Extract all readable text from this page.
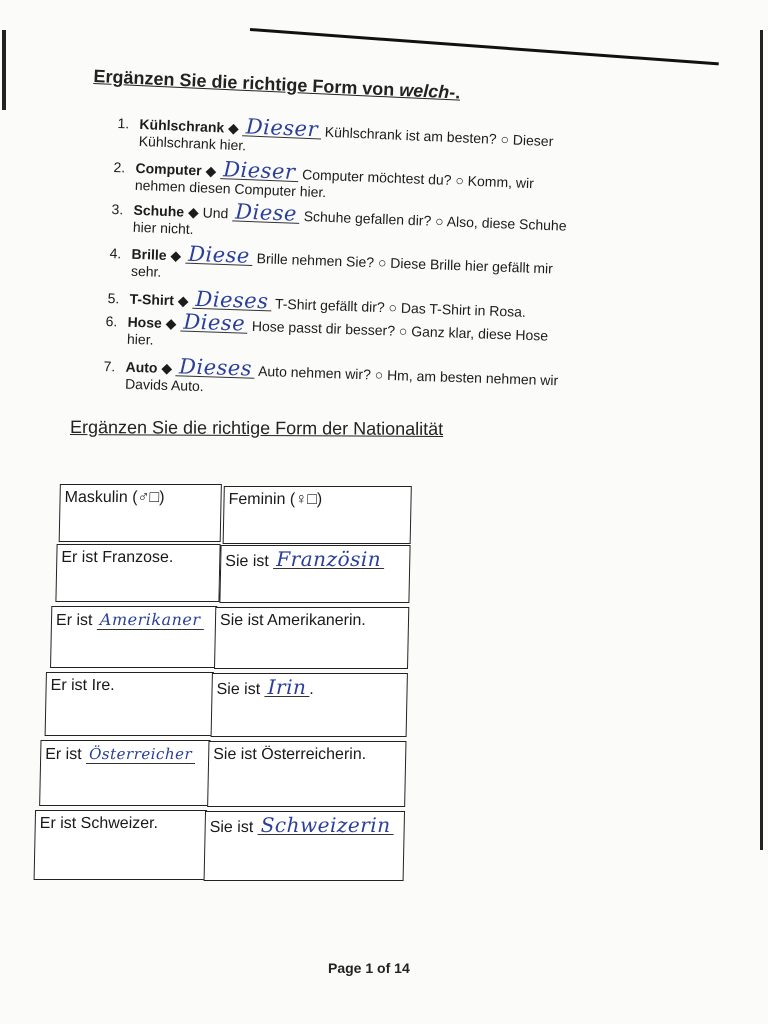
Ergänzen Sie die richtige Form von welch-.
1. Kühlschrank ◆ Dieser Kühlschrank ist am besten? ○ Dieser
Kühlschrank hier.
2. Computer ◆ Dieser Computer möchtest du? ○ Komm, wir
nehmen diesen Computer hier.
3. Schuhe ◆ Und Diese Schuhe gefallen dir? ○ Also, diese Schuhe
hier nicht.
4. Brille ◆ Diese Brille nehmen Sie? ○ Diese Brille hier gefällt mir
sehr.
5. T-Shirt ◆ Dieses T-Shirt gefällt dir? ○ Das T-Shirt in Rosa.
6. Hose ◆ Diese Hose passt dir besser? ○ Ganz klar, diese Hose
hier.
7. Auto ◆ Dieses Auto nehmen wir? ○ Hm, am besten nehmen wir
Davids Auto.
Ergänzen Sie die richtige Form der Nationalität
Maskulin (♂︎□)	Feminin (♀︎□)
Er ist Franzose.	Sie ist Französin
Er ist Amerikaner	Sie ist Amerikanerin.
Er ist Ire.	Sie ist Irin .
Er ist Österreicher	Sie ist Österreicherin.
Er ist Schweizer.	Sie ist Schweizerin
Page 1 of 14
